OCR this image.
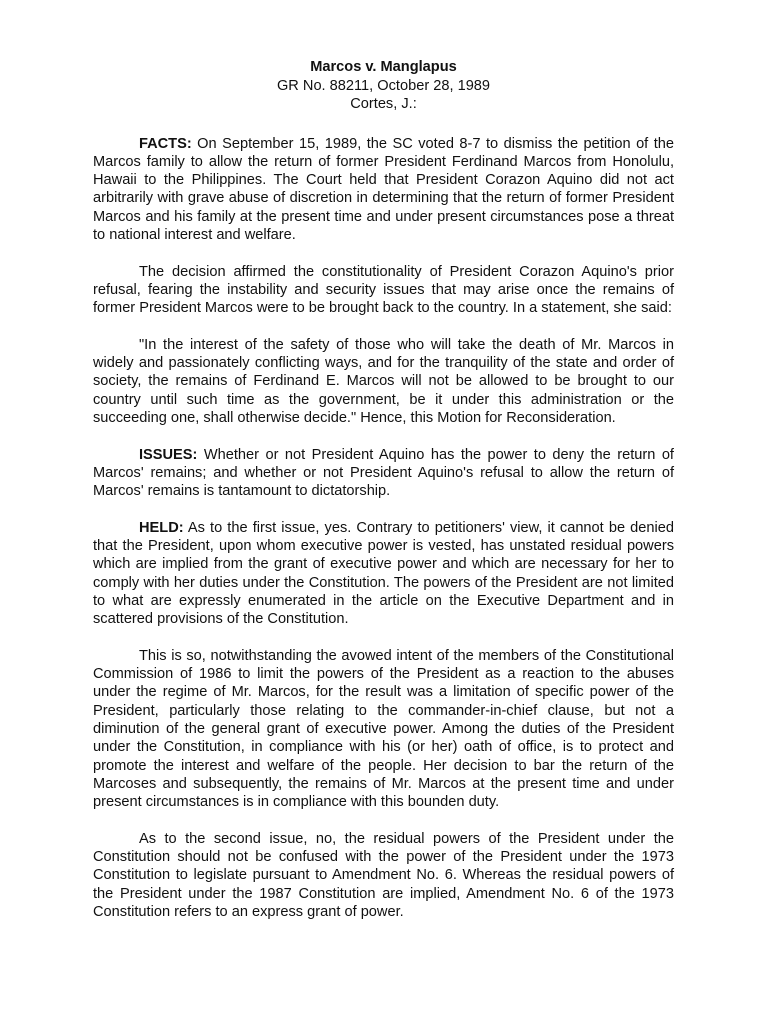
Marcos v. Manglapus
GR No. 88211, October 28, 1989
Cortes, J.:

FACTS: On September 15, 1989, the SC voted 8-7 to dismiss the petition of the Marcos family to allow the return of former President Ferdinand Marcos from Honolulu, Hawaii to the Philippines. The Court held that President Corazon Aquino did not act arbitrarily with grave abuse of discretion in determining that the return of former President Marcos and his family at the present time and under present circumstances pose a threat to national interest and welfare.

The decision affirmed the constitutionality of President Corazon Aquino's prior refusal, fearing the instability and security issues that may arise once the remains of former President Marcos were to be brought back to the country. In a statement, she said:

"In the interest of the safety of those who will take the death of Mr. Marcos in widely and passionately conflicting ways, and for the tranquility of the state and order of society, the remains of Ferdinand E. Marcos will not be allowed to be brought to our country until such time as the government, be it under this administration or the succeeding one, shall otherwise decide." Hence, this Motion for Reconsideration.

ISSUES: Whether or not President Aquino has the power to deny the return of Marcos' remains; and whether or not President Aquino's refusal to allow the return of Marcos' remains is tantamount to dictatorship.

HELD: As to the first issue, yes. Contrary to petitioners' view, it cannot be denied that the President, upon whom executive power is vested, has unstated residual powers which are implied from the grant of executive power and which are necessary for her to comply with her duties under the Constitution. The powers of the President are not limited to what are expressly enumerated in the article on the Executive Department and in scattered provisions of the Constitution.

This is so, notwithstanding the avowed intent of the members of the Constitutional Commission of 1986 to limit the powers of the President as a reaction to the abuses under the regime of Mr. Marcos, for the result was a limitation of specific power of the President, particularly those relating to the commander-in-chief clause, but not a diminution of the general grant of executive power. Among the duties of the President under the Constitution, in compliance with his (or her) oath of office, is to protect and promote the interest and welfare of the people. Her decision to bar the return of the Marcoses and subsequently, the remains of Mr. Marcos at the present time and under present circumstances is in compliance with this bounden duty.

As to the second issue, no, the residual powers of the President under the Constitution should not be confused with the power of the President under the 1973 Constitution to legislate pursuant to Amendment No. 6. Whereas the residual powers of the President under the 1987 Constitution are implied, Amendment No. 6 of the 1973 Constitution refers to an express grant of power.
